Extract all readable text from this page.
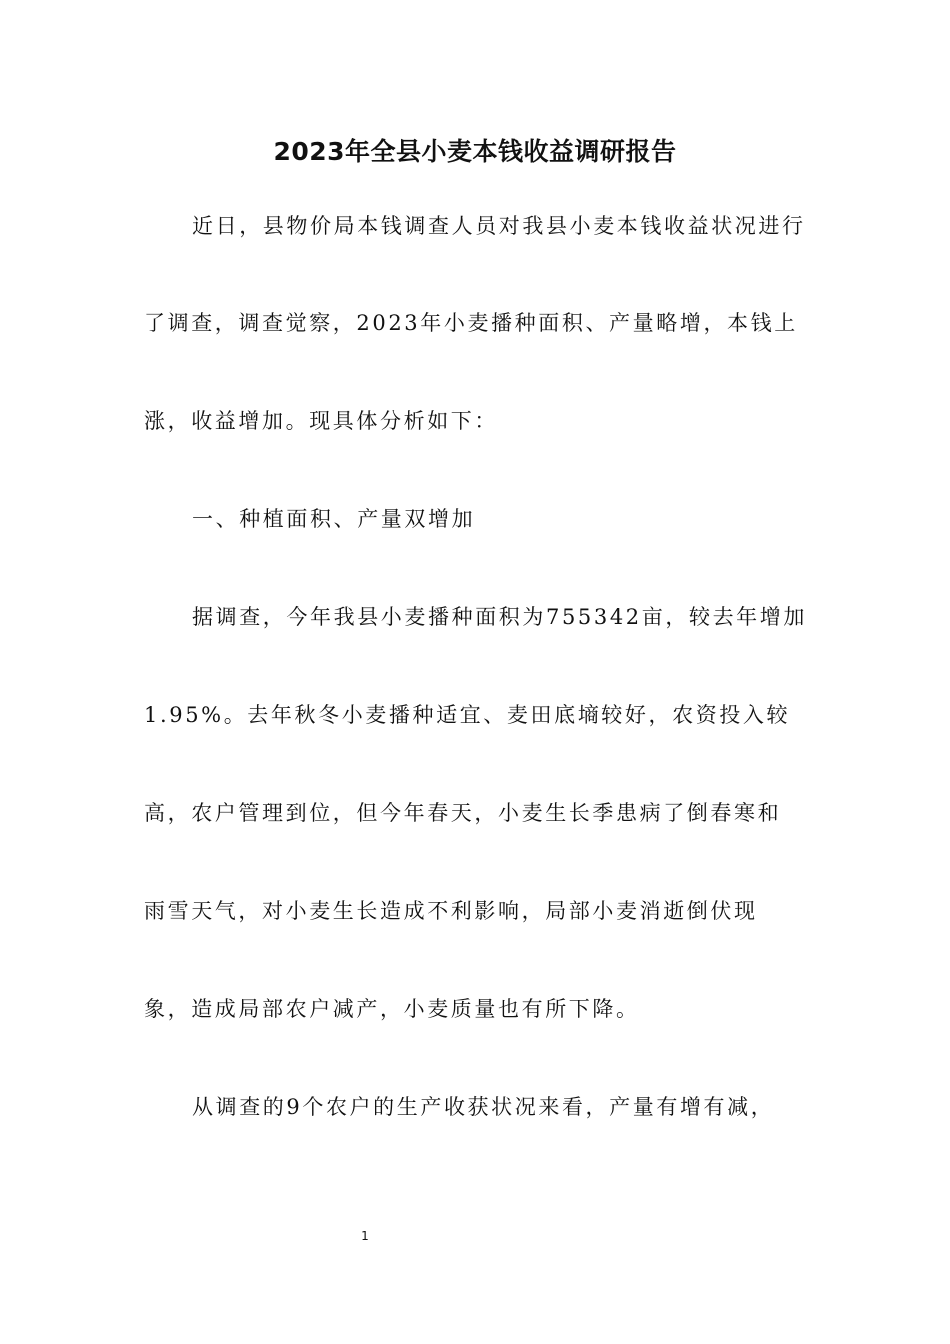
2023年全县小麦本钱收益调研报告
近日，县物价局本钱调查人员对我县小麦本钱收益状况进行
了调查，调查觉察，2023年小麦播种面积、产量略增，本钱上
涨，收益增加。现具体分析如下：
一、种植面积、产量双增加
据调查，今年我县小麦播种面积为755342亩，较去年增加
1.95%。去年秋冬小麦播种适宜、麦田底墒较好，农资投入较
高，农户管理到位，但今年春天，小麦生长季患病了倒春寒和
雨雪天气，对小麦生长造成不利影响，局部小麦消逝倒伏现
象，造成局部农户减产，小麦质量也有所下降。
从调查的9个农户的生产收获状况来看，产量有增有减，
1
